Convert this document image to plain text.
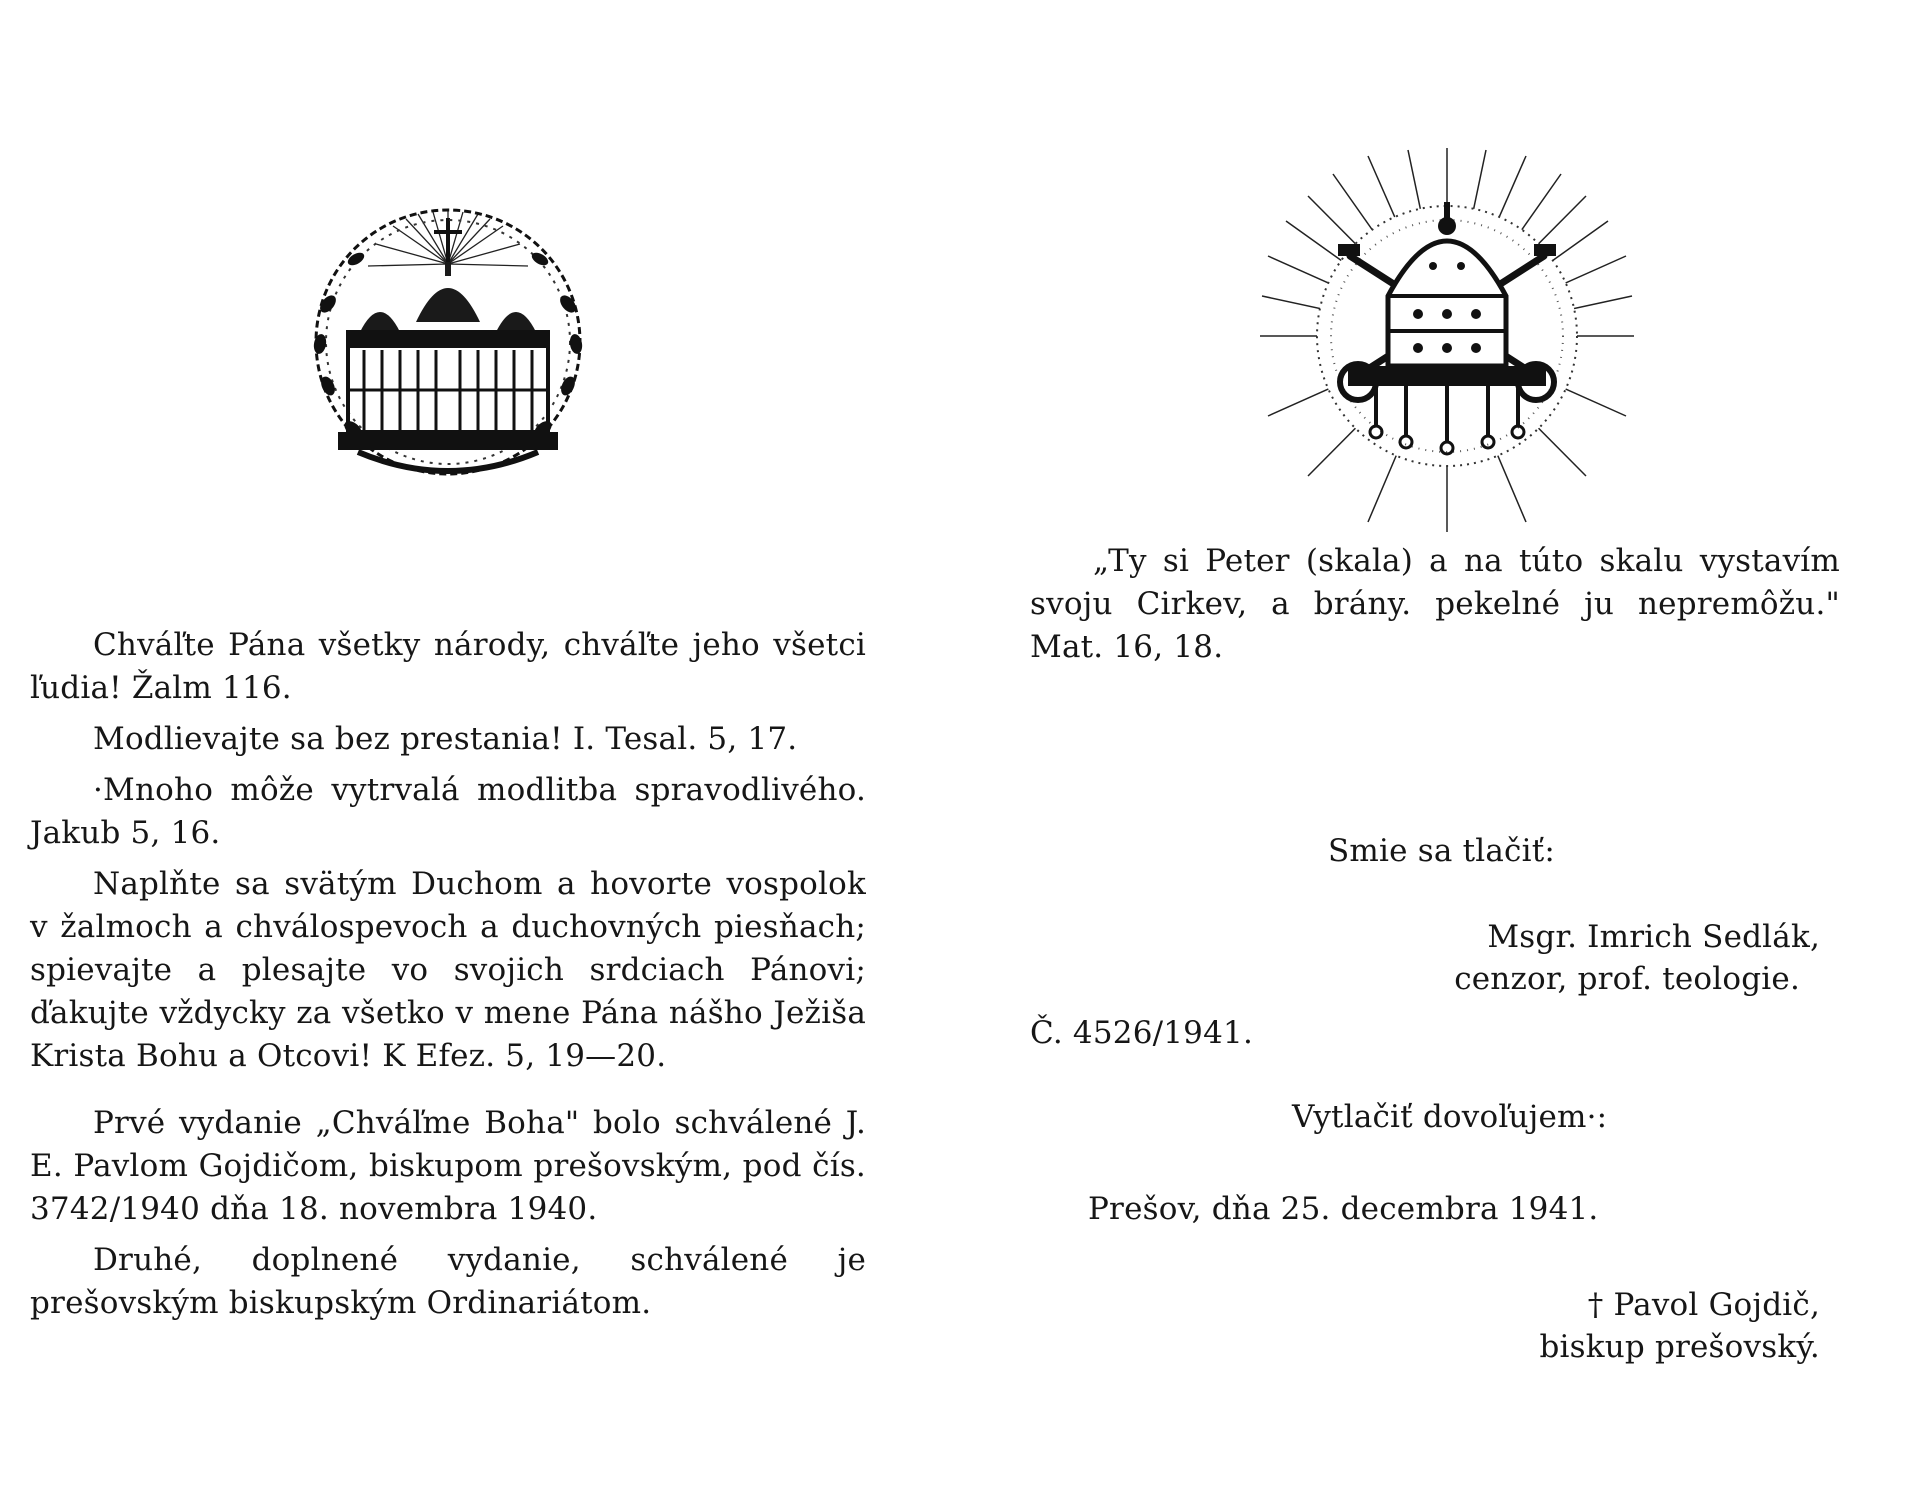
Chváľte Pána všetky národy, chváľte jeho všetci ľudia! Žalm 116.

Modlievajte sa bez prestania! I. Tesal. 5, 17.

·Mnoho môže vytrvalá modlitba spravodlivého. Jakub 5, 16.

Naplňte sa svätým Duchom a hovorte vospolok v žalmoch a chválospevoch a duchovných piesňach; spievajte a plesajte vo svojich srdciach Pánovi; ďakujte vždycky za všetko v mene Pána nášho Ježiša Krista Bohu a Otcovi! K Efez. 5, 19—20.

Prvé vydanie „Chváľme Boha" bolo schválené J. E. Pavlom Gojdičom, biskupom prešovským, pod čís. 3742/1940 dňa 18. novembra 1940.

Druhé, doplnené vydanie, schválené je prešovským biskupským Ordinariátom.

„Ty si Peter (skala) a na túto skalu vystavím svoju Cirkev, a brány. pekelné ju nepremôžu." Mat. 16, 18.

Smie sa tlačiť:

Msgr. Imrich Sedlák,

cenzor, prof. teologie.

Č. 4526/1941.

Vytlačiť dovoľujem·:

Prešov, dňa 25. decembra 1941.

† Pavol Gojdič,

biskup prešovský.
